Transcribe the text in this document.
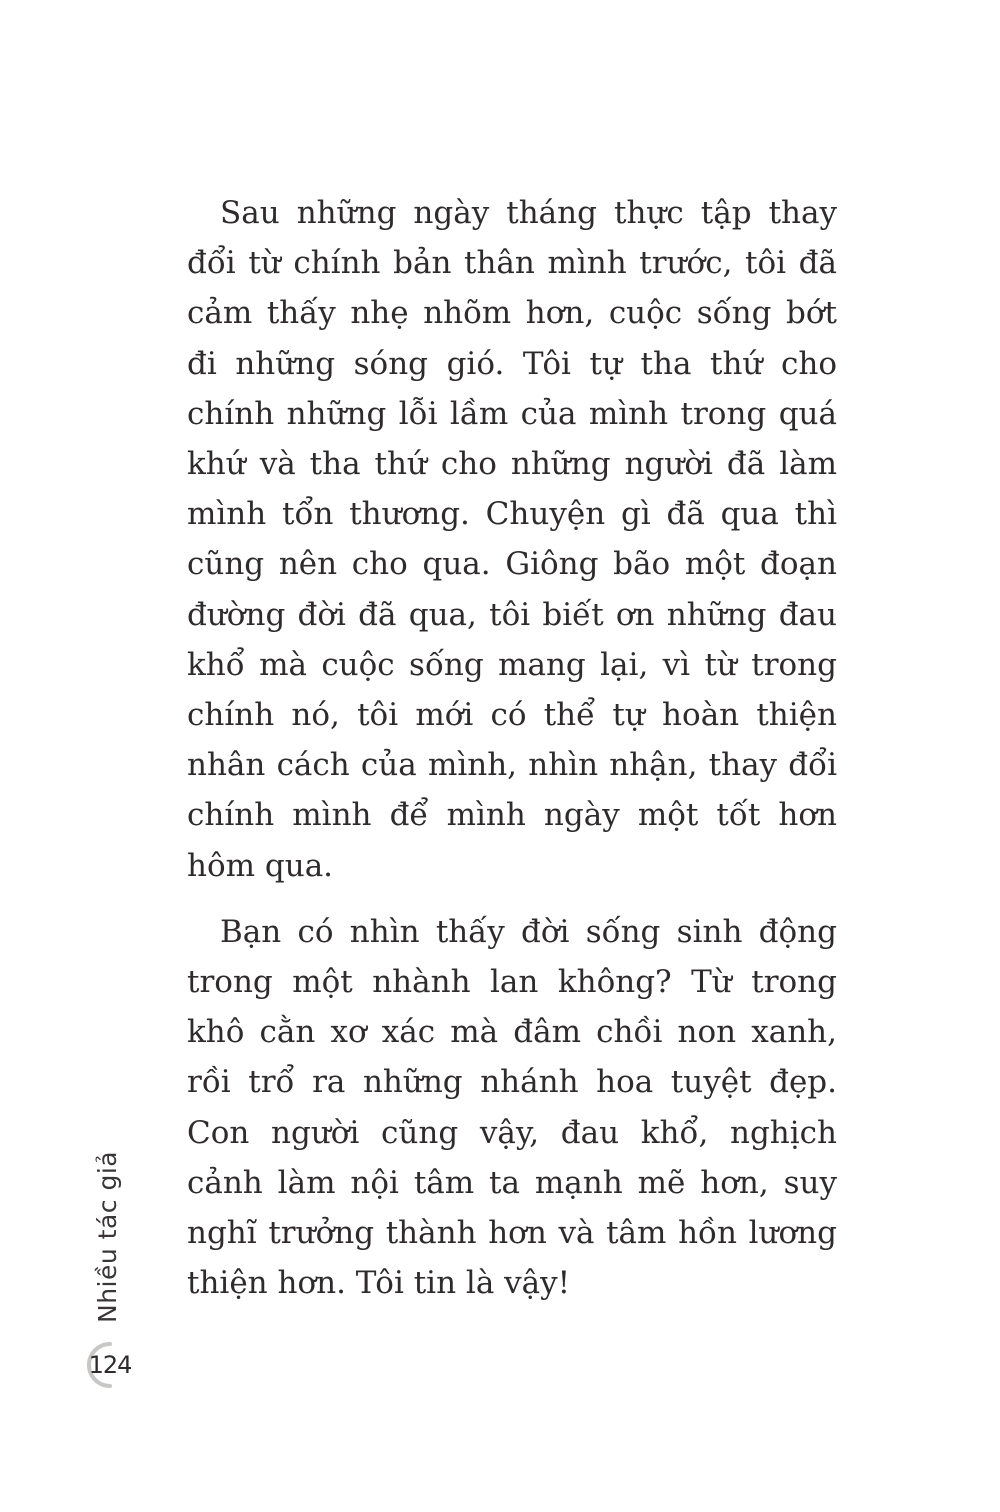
Sau những ngày tháng thực tập thay đổi từ chính bản thân mình trước, tôi đã cảm thấy nhẹ nhõm hơn, cuộc sống bớt đi những sóng gió. Tôi tự tha thứ cho chính những lỗi lầm của mình trong quá khứ và tha thứ cho những người đã làm mình tổn thương. Chuyện gì đã qua thì cũng nên cho qua. Giông bão một đoạn đường đời đã qua, tôi biết ơn những đau khổ mà cuộc sống mang lại, vì từ trong chính nó, tôi mới có thể tự hoàn thiện nhân cách của mình, nhìn nhận, thay đổi chính mình để mình ngày một tốt hơn hôm qua.

Bạn có nhìn thấy đời sống sinh động trong một nhành lan không? Từ trong khô cằn xơ xác mà đâm chồi non xanh, rồi trổ ra những nhánh hoa tuyệt đẹp. Con người cũng vậy, đau khổ, nghịch cảnh làm nội tâm ta mạnh mẽ hơn, suy nghĩ trưởng thành hơn và tâm hồn lương thiện hơn. Tôi tin là vậy!

Nhiều tác giả
124
